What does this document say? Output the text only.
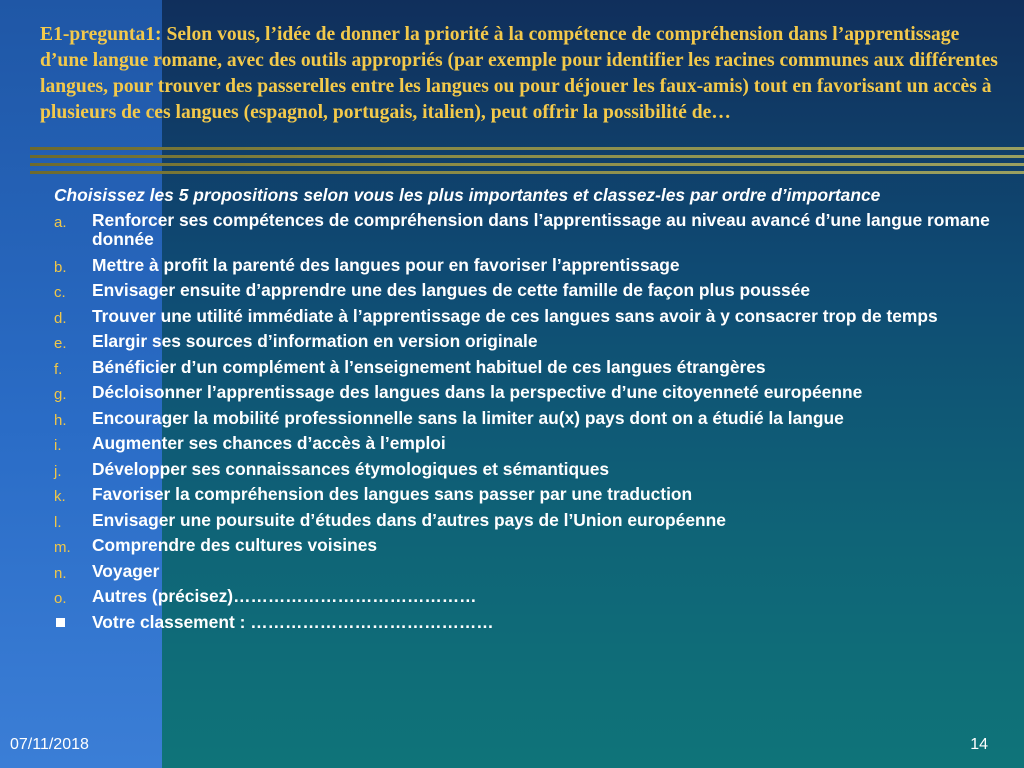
E1-pregunta1: Selon vous, l’idée de donner la priorité à la compétence de compréhension dans l’apprentissage d’une langue romane, avec des outils appropriés (par exemple pour identifier les racines communes aux différentes langues, pour trouver des passerelles entre les langues ou pour déjouer les faux-amis) tout en favorisant un accès à plusieurs de ces langues (espagnol, portugais, italien), peut offrir la possibilité de…

Choisissez les 5 propositions selon vous les plus importantes et classez-les par ordre d’importance

a. Renforcer ses compétences de compréhension dans l’apprentissage au niveau avancé d’une langue romane donnée
b. Mettre à profit la parenté des langues pour en favoriser l’apprentissage
c. Envisager ensuite d’apprendre une des langues de cette famille de façon plus poussée
d. Trouver une utilité immédiate à l’apprentissage de ces langues sans avoir à y consacrer trop de temps
e. Elargir ses sources d’information en version originale
f. Bénéficier d’un complément à l’enseignement habituel de ces langues étrangères
g. Décloisonner l’apprentissage des langues dans la perspective d’une citoyenneté européenne
h. Encourager la mobilité professionnelle sans la limiter au(x) pays dont on a étudié la langue
i. Augmenter ses chances d’accès à l’emploi
j. Développer ses connaissances étymologiques et sémantiques
k. Favoriser la compréhension des langues sans passer par une traduction
l. Envisager une poursuite d’études dans d’autres pays de l’Union européenne
m. Comprendre des cultures voisines
n. Voyager
o. Autres (précisez)……………………………………
Votre classement : ……………………………………
07/11/2018	14
